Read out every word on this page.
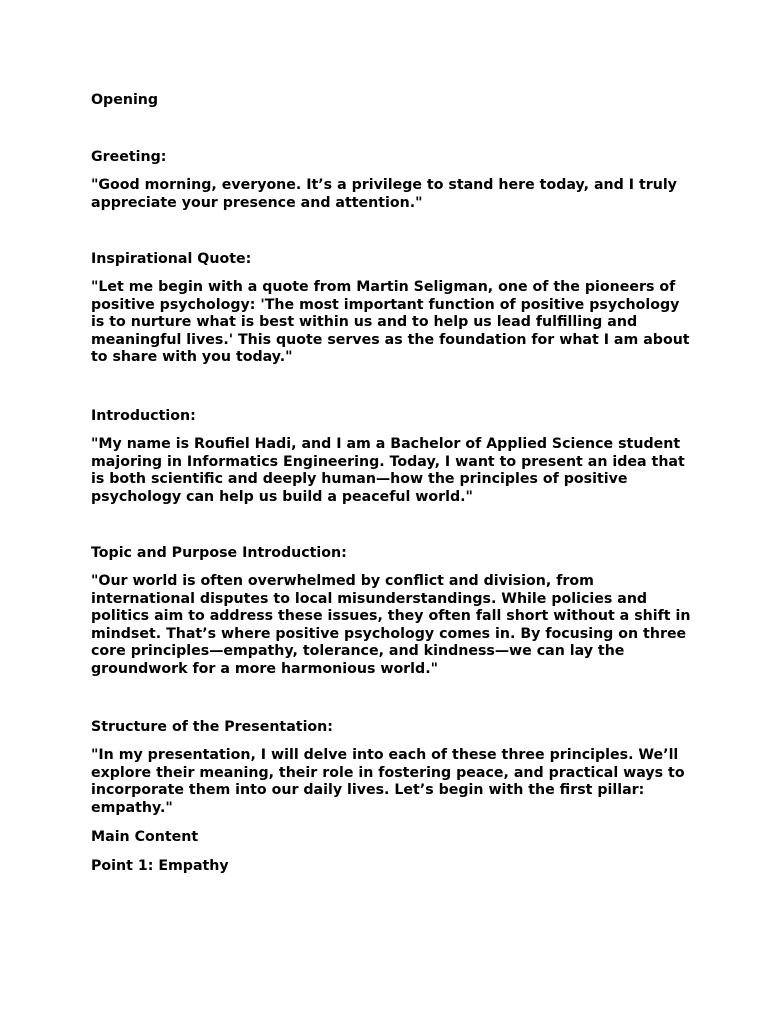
Opening
Greeting:

"Good morning, everyone. It’s a privilege to stand here today, and I truly appreciate your presence and attention."

Inspirational Quote:

"Let me begin with a quote from Martin Seligman, one of the pioneers of positive psychology: 'The most important function of positive psychology is to nurture what is best within us and to help us lead fulfilling and meaningful lives.' This quote serves as the foundation for what I am about to share with you today."

Introduction:

"My name is Roufiel Hadi, and I am a Bachelor of Applied Science student majoring in Informatics Engineering. Today, I want to present an idea that is both scientific and deeply human—how the principles of positive psychology can help us build a peaceful world."

Topic and Purpose Introduction:

"Our world is often overwhelmed by conflict and division, from international disputes to local misunderstandings. While policies and politics aim to address these issues, they often fall short without a shift in mindset. That’s where positive psychology comes in. By focusing on three core principles—empathy, tolerance, and kindness—we can lay the groundwork for a more harmonious world."

Structure of the Presentation:

"In my presentation, I will delve into each of these three principles. We’ll explore their meaning, their role in fostering peace, and practical ways to incorporate them into our daily lives. Let’s begin with the first pillar: empathy."

Main Content
Point 1: Empathy
